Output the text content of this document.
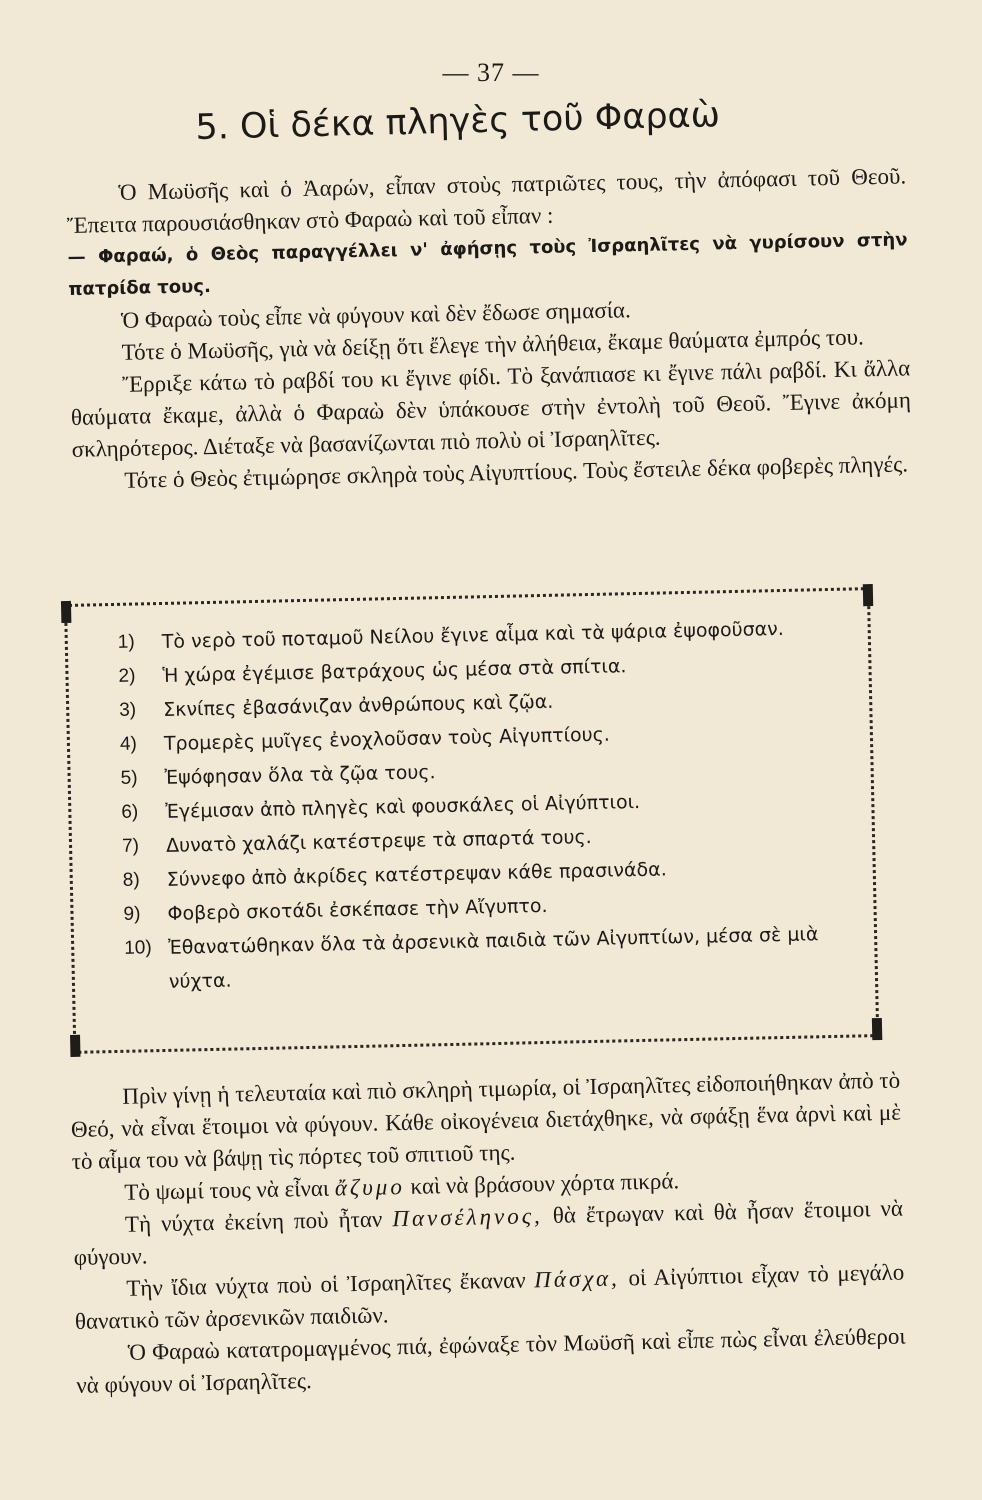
— 37 —
5. Οἱ δέκα πληγὲς τοῦ Φαραὼ

Ὁ Μωϋσῆς καὶ ὁ Ἀαρών, εἶπαν στοὺς πατριῶτες τους, τὴν ἀπόφασι τοῦ Θεοῦ. Ἔπειτα παρουσιάσθηκαν στὸ Φαραὼ καὶ τοῦ εἶπαν :

— Φαραώ, ὁ Θεὸς παραγγέλλει ν' ἀφήσῃς τοὺς Ἰσραηλῖτες νὰ γυρίσουν στὴν πατρίδα τους.

Ὁ Φαραὼ τοὺς εἶπε νὰ φύγουν καὶ δὲν ἔδωσε σημασία.

Τότε ὁ Μωϋσῆς, γιὰ νὰ δείξῃ ὅτι ἔλεγε τὴν ἀλήθεια, ἔκαμε θαύματα ἐμπρός του.

Ἔρριξε κάτω τὸ ραβδί του κι ἔγινε φίδι. Τὸ ξανάπιασε κι ἔγινε πάλι ραβδί. Κι ἄλλα θαύματα ἔκαμε, ἀλλὰ ὁ Φαραὼ δὲν ὑπάκουσε στὴν ἐντολὴ τοῦ Θεοῦ. Ἔγινε ἀκόμη σκληρότερος. Διέταξε νὰ βασανίζωνται πιὸ πολὺ οἱ Ἰσραηλῖτες.

Τότε ὁ Θεὸς ἐτιμώρησε σκληρὰ τοὺς Αἰγυπτίους. Τοὺς ἔστειλε δέκα φοβερὲς πληγές.

1)	Τὸ νερὸ τοῦ ποταμοῦ Νείλου ἔγινε αἷμα καὶ τὰ ψάρια ἐψοφοῦσαν.
2)	Ἡ χώρα ἐγέμισε βατράχους ὡς μέσα στὰ σπίτια.
3)	Σκνίπες ἐβασάνιζαν ἀνθρώπους καὶ ζῷα.
4)	Τρομερὲς μυῖγες ἐνοχλοῦσαν τοὺς Αἰγυπτίους.
5)	Ἐψόφησαν ὅλα τὰ ζῷα τους.
6)	Ἐγέμισαν ἀπὸ πληγὲς καὶ φουσκάλες οἱ Αἰγύπτιοι.
7)	Δυνατὸ χαλάζι κατέστρεψε τὰ σπαρτά τους.
8)	Σύννεφο ἀπὸ ἀκρίδες κατέστρεψαν κάθε πρασινάδα.
9)	Φοβερὸ σκοτάδι ἐσκέπασε τὴν Αἴγυπτο.
10) Ἐθανατώθηκαν ὅλα τὰ ἀρσενικὰ παιδιὰ τῶν Αἰγυπτίων, μέσα σὲ μιὰ νύχτα.

Πρὶν γίνῃ ἡ τελευταία καὶ πιὸ σκληρὴ τιμωρία, οἱ Ἰσραηλῖτες εἰδοποιήθηκαν ἀπὸ τὸ Θεό, νὰ εἶναι ἕτοιμοι νὰ φύγουν. Κάθε οἰκογένεια διετάχθηκε, νὰ σφάξῃ ἕνα ἀρνὶ καὶ μὲ τὸ αἷμα του νὰ βάψῃ τὶς πόρτες τοῦ σπιτιοῦ της.

Τὸ ψωμί τους νὰ εἶναι ἄζυμο καὶ νὰ βράσουν χόρτα πικρά.

Τὴ νύχτα ἐκείνη ποὺ ἦταν Πανσέληνος, θὰ ἔτρωγαν καὶ θὰ ἦσαν ἕτοιμοι νὰ φύγουν.

Τὴν ἴδια νύχτα ποὺ οἱ Ἰσραηλῖτες ἔκαναν Πάσχα, οἱ Αἰγύπτιοι εἶχαν τὸ μεγάλο θανατικὸ τῶν ἀρσενικῶν παιδιῶν.

Ὁ Φαραὼ κατατρομαγμένος πιά, ἐφώναξε τὸν Μωϋσῆ καὶ εἶπε πὼς εἶναι ἐλεύθεροι νὰ φύγουν οἱ Ἰσραηλῖτες.
